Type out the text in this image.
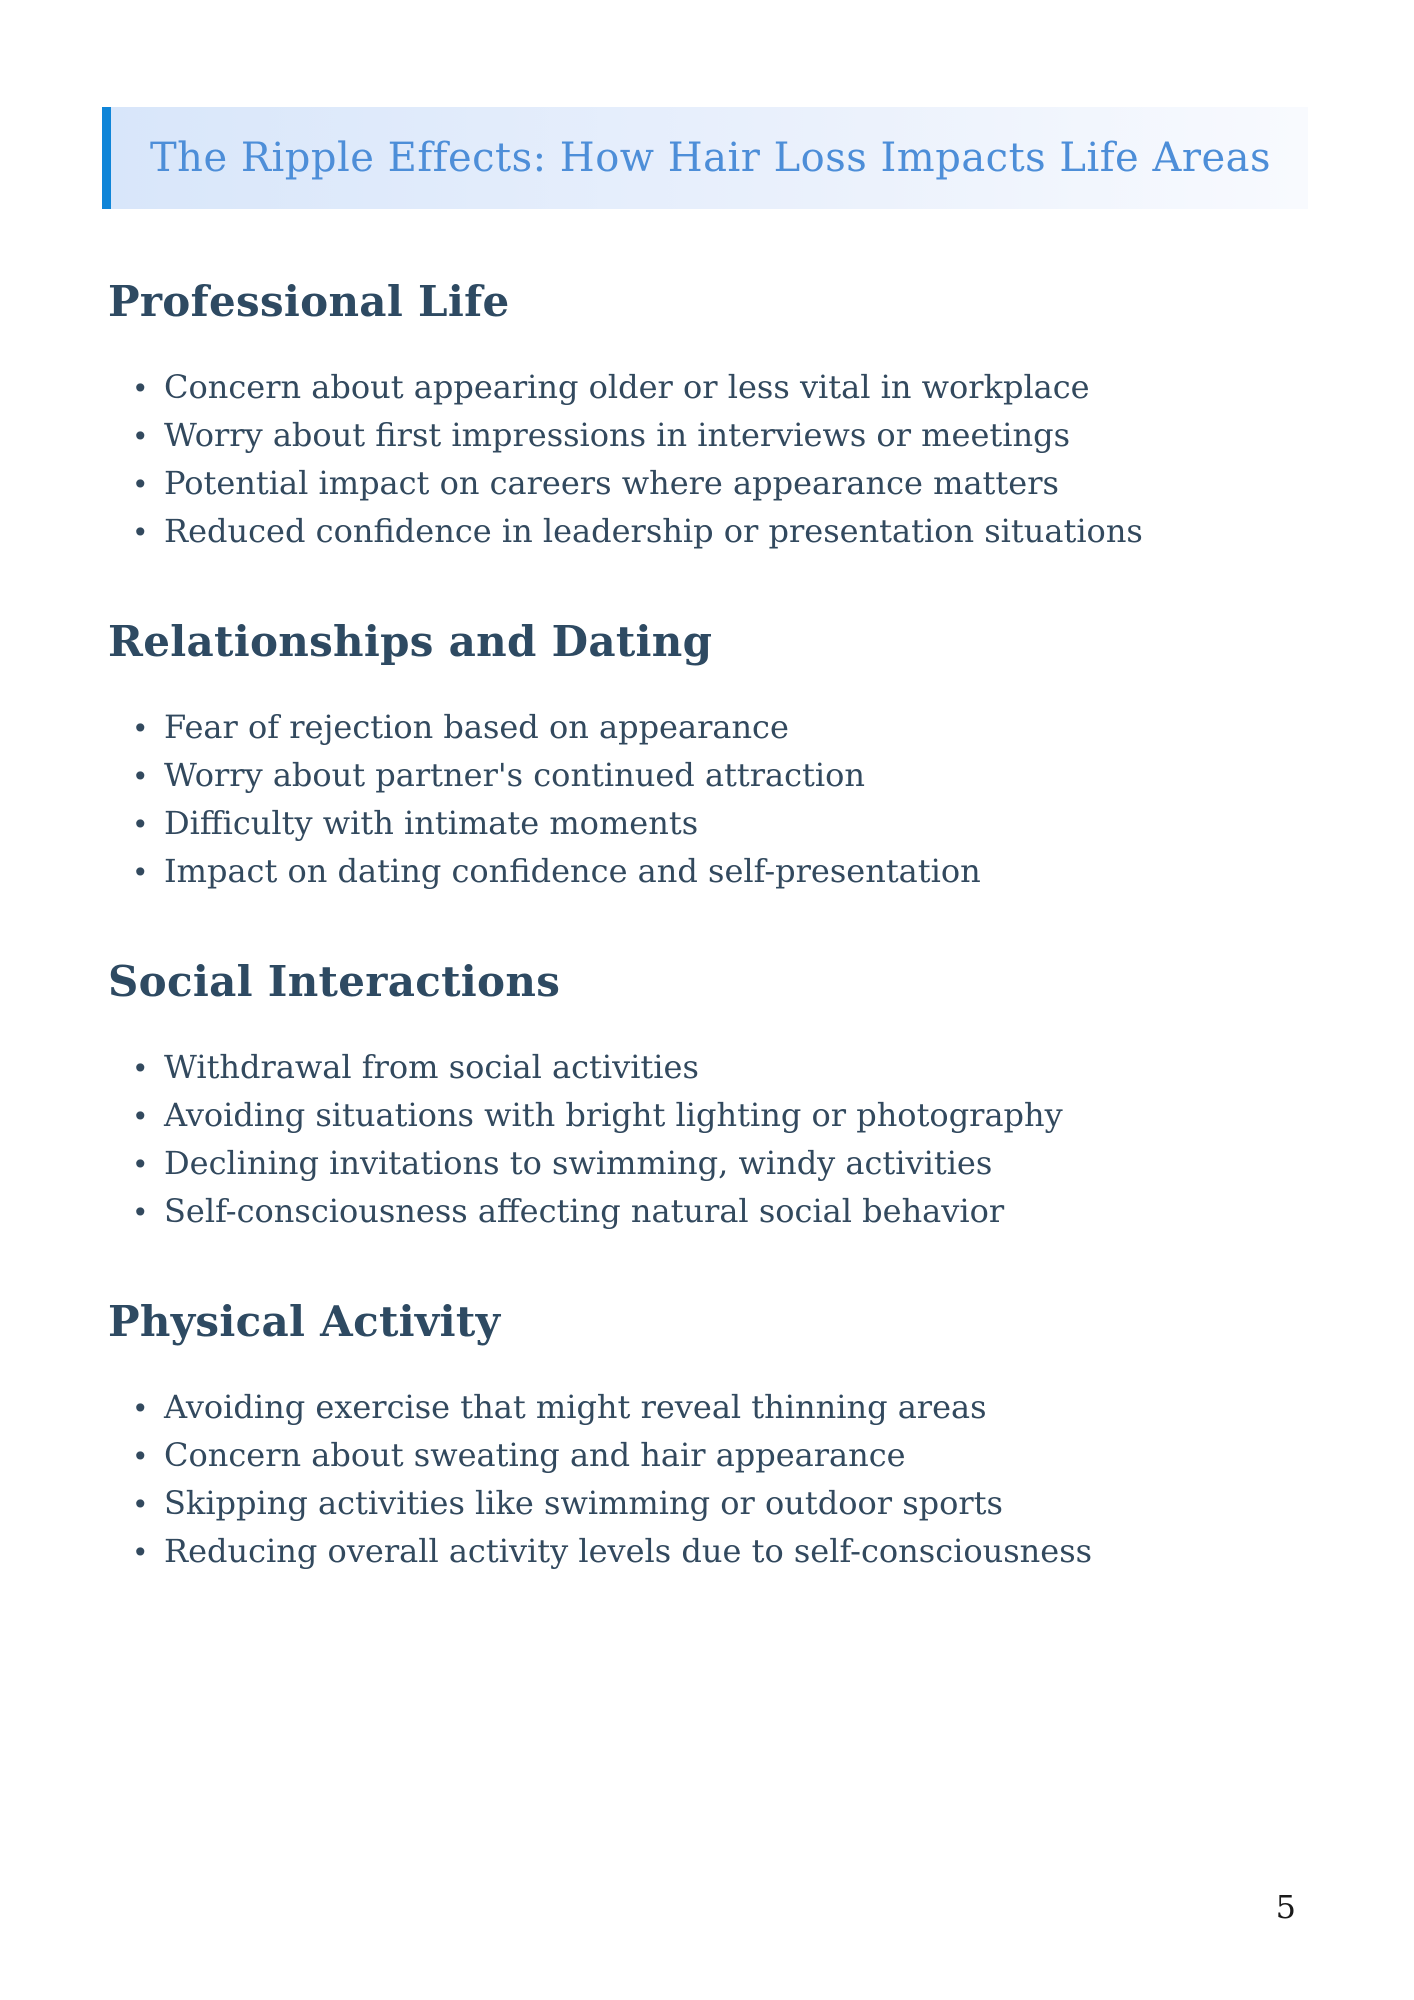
The Ripple Effects: How Hair Loss Impacts Life Areas
Professional Life
• Concern about appearing older or less vital in workplace
• Worry about first impressions in interviews or meetings
• Potential impact on careers where appearance matters
• Reduced confidence in leadership or presentation situations
Relationships and Dating
• Fear of rejection based on appearance
• Worry about partner's continued attraction
• Difficulty with intimate moments
• Impact on dating confidence and self-presentation
Social Interactions
• Withdrawal from social activities
• Avoiding situations with bright lighting or photography
• Declining invitations to swimming, windy activities
• Self-consciousness affecting natural social behavior
Physical Activity
• Avoiding exercise that might reveal thinning areas
• Concern about sweating and hair appearance
• Skipping activities like swimming or outdoor sports
• Reducing overall activity levels due to self-consciousness
5
